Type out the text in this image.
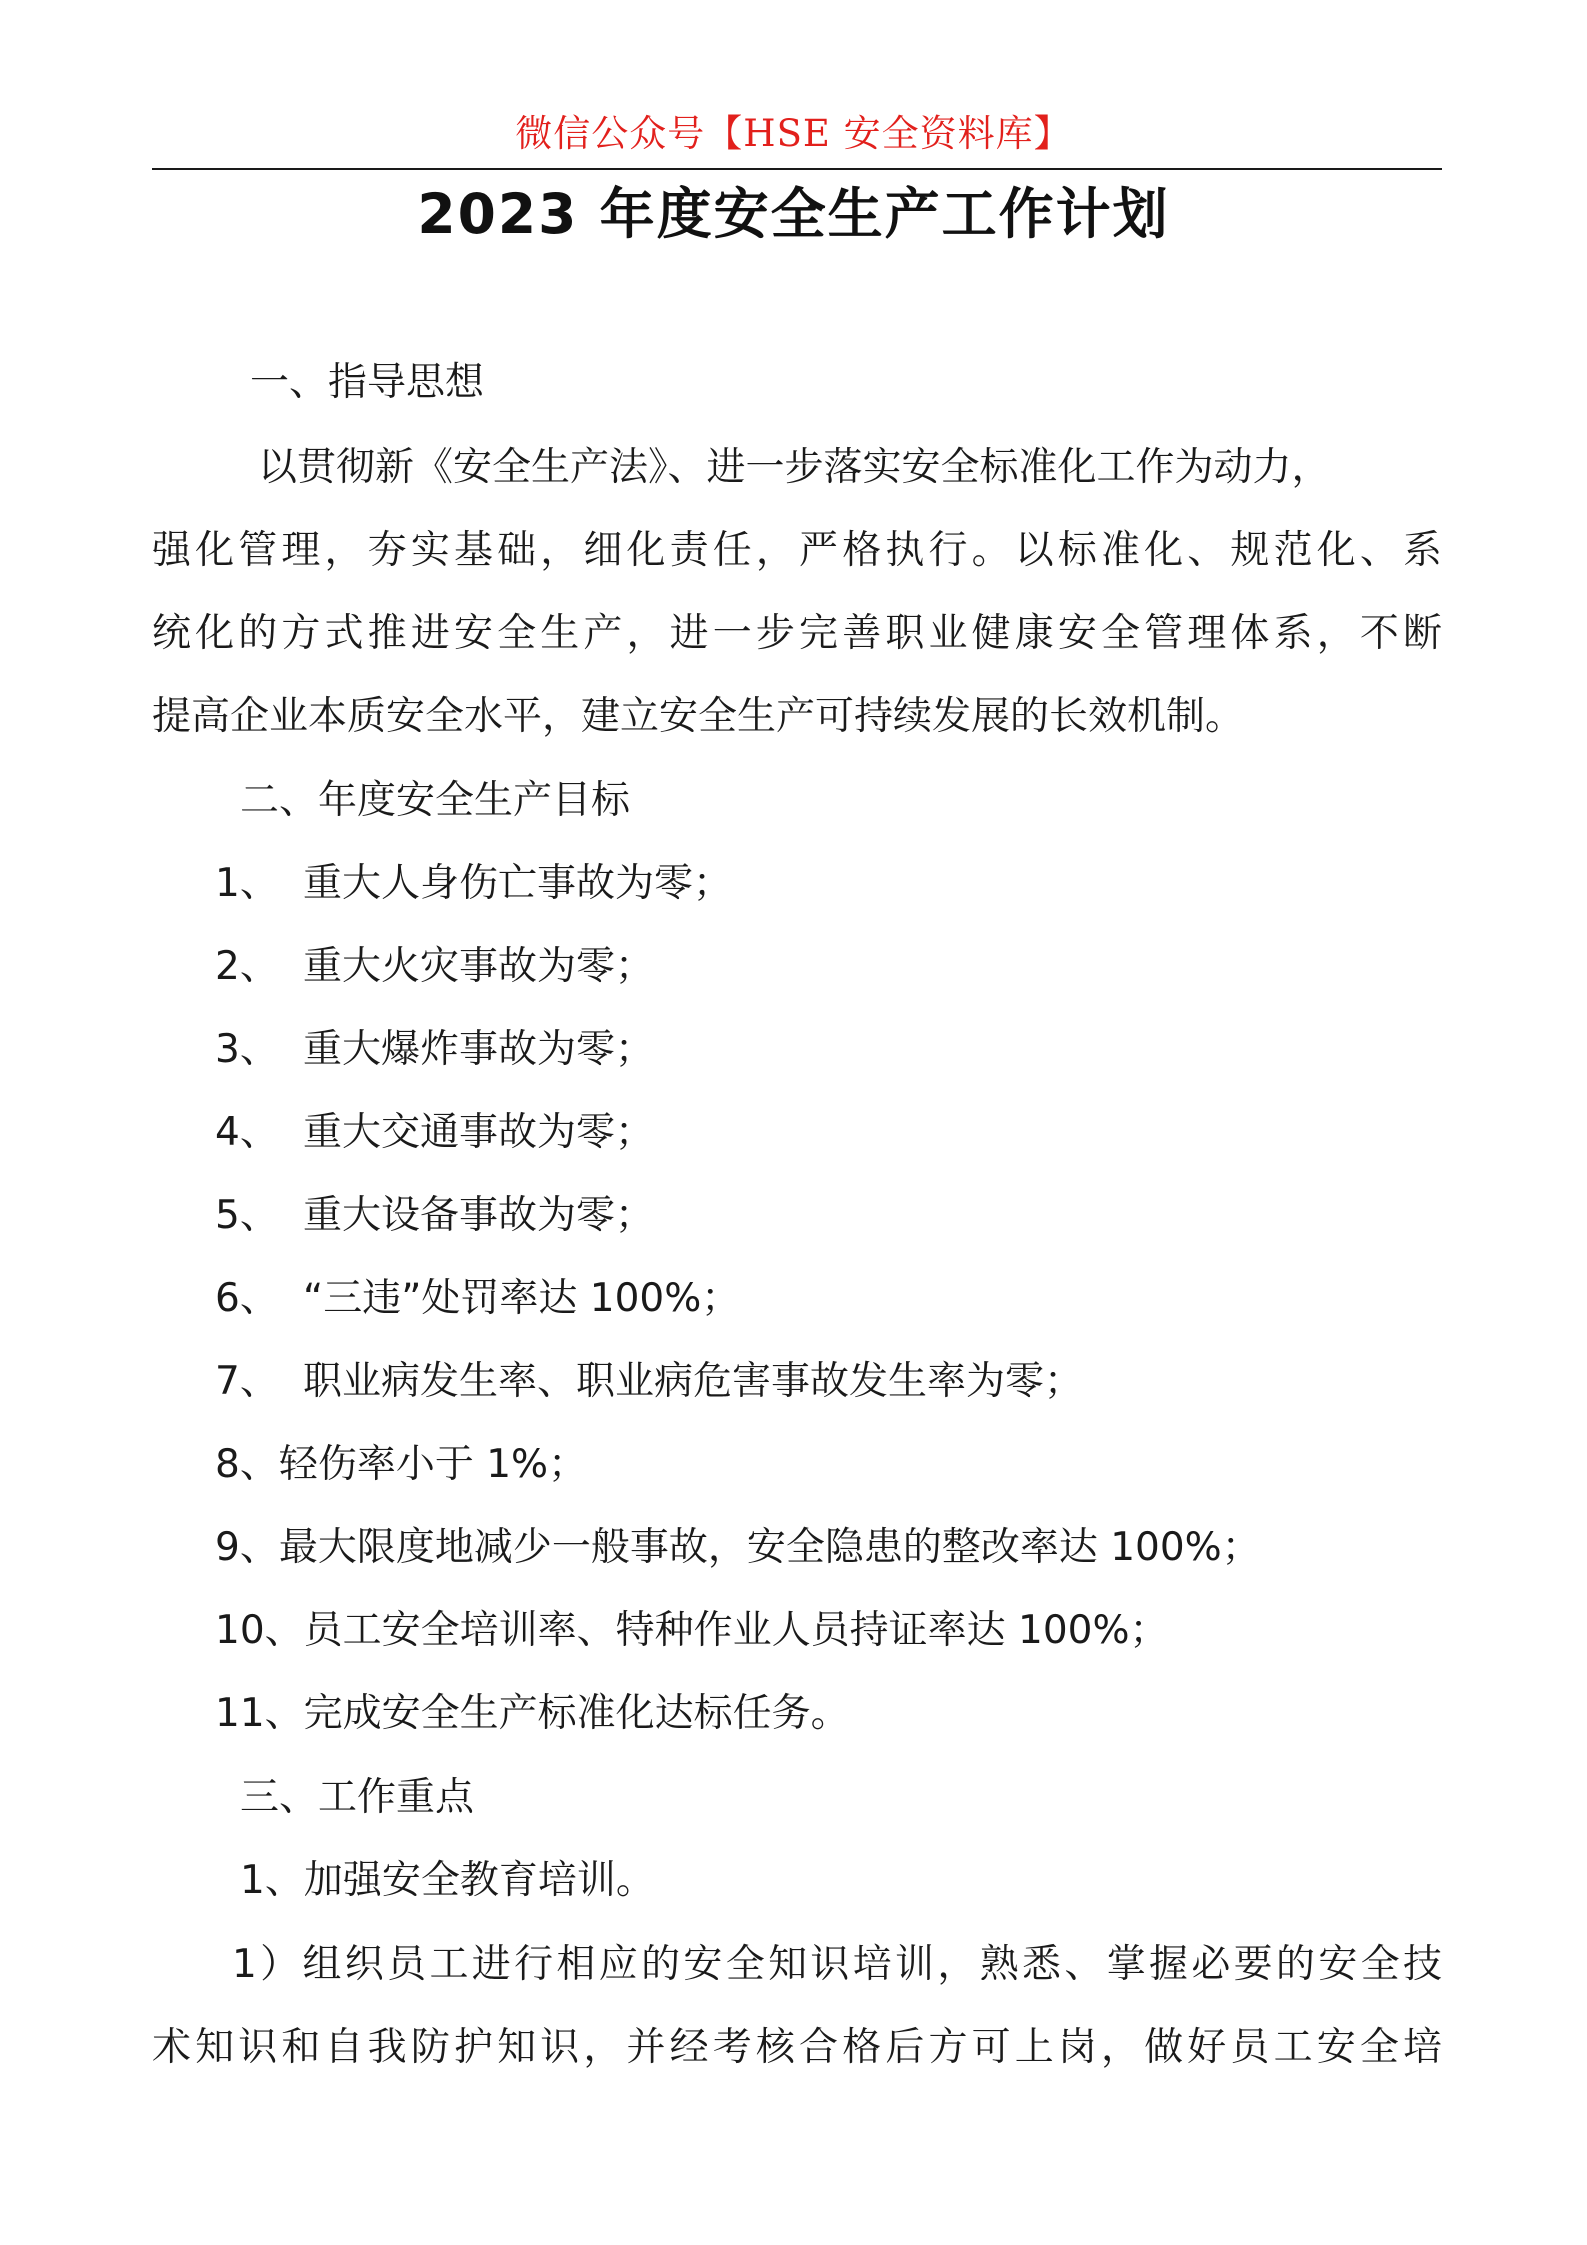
微信公众号【HSE 安全资料库】
2023 年度安全生产工作计划
一、指导思想
以贯彻新《安全生产法》、进一步落实安全标准化工作为动力，
强化管理，夯实基础，细化责任，严格执行。以标准化、规范化、系
统化的方式推进安全生产，进一步完善职业健康安全管理体系，不断
提高企业本质安全水平，建立安全生产可持续发展的长效机制。
二、年度安全生产目标
1、 重大人身伤亡事故为零；
2、 重大火灾事故为零；
3、 重大爆炸事故为零；
4、 重大交通事故为零；
5、 重大设备事故为零；
6、 “三违”处罚率达 100%；
7、 职业病发生率、职业病危害事故发生率为零；
8、轻伤率小于 1%；
9、最大限度地减少一般事故，安全隐患的整改率达 100%；
10、员工安全培训率、特种作业人员持证率达 100%；
11、完成安全生产标准化达标任务。
三、工作重点
1、加强安全教育培训。
1）组织员工进行相应的安全知识培训，熟悉、掌握必要的安全技
术知识和自我防护知识，并经考核合格后方可上岗，做好员工安全培
